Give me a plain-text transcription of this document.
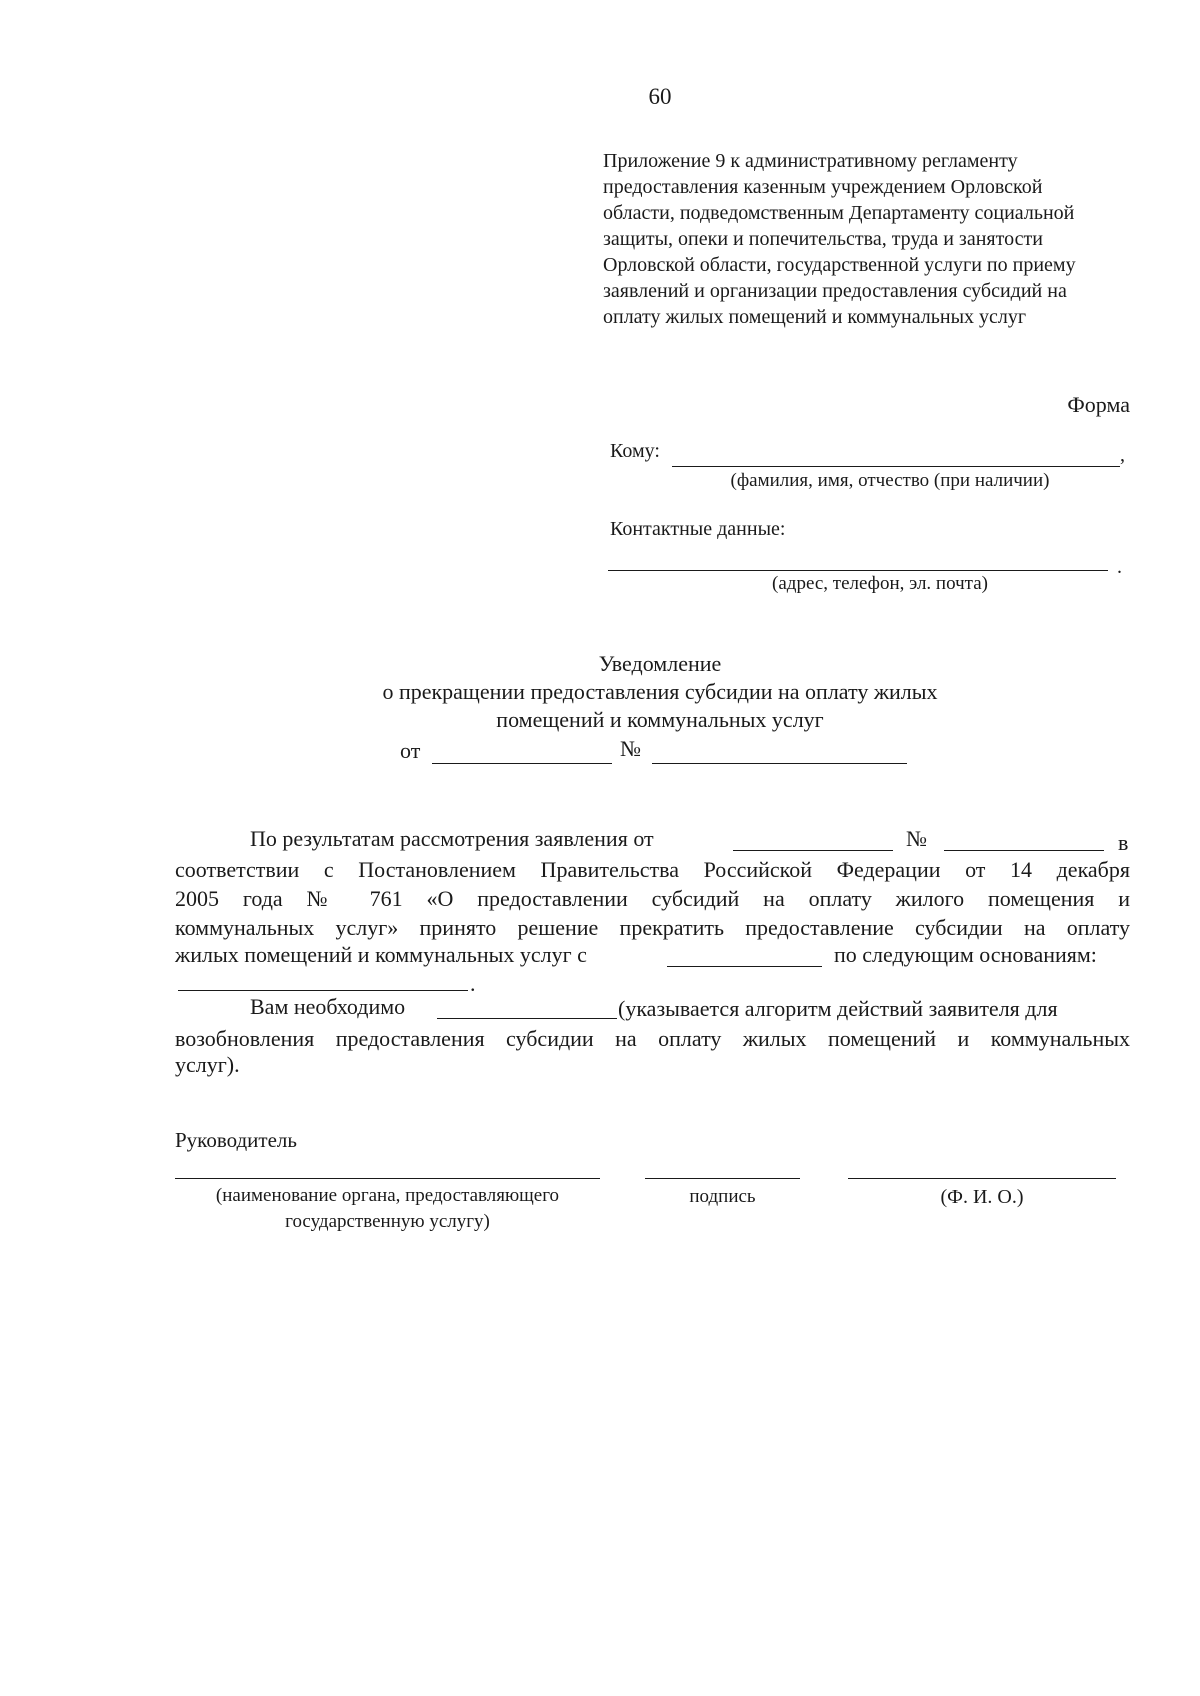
60
Приложение 9 к административному регламенту
предоставления казенным учреждением Орловской
области, подведомственным Департаменту социальной
защиты, опеки и попечительства, труда и занятости
Орловской области, государственной услуги по приему
заявлений и организации предоставления субсидий на
оплату жилых помещений и коммунальных услуг
Форма
Кому:	,
(фамилия, имя, отчество (при наличии)
Контактные данные:
.
(адрес, телефон, эл. почта)
Уведомление
о прекращении предоставления субсидии на оплату жилых
помещений и коммунальных услуг
от	№
По результатам рассмотрения заявления от	№	в
соответствии с Постановлением Правительства Российской Федерации от 14 декабря
2005 года № 761 «О предоставлении субсидий на оплату жилого помещения и
коммунальных услуг» принято решение прекратить предоставление субсидии на оплату
жилых помещений и коммунальных услуг с	по следующим основаниям:
.
Вам необходимо	(указывается алгоритм действий заявителя для
возобновления предоставления субсидии на оплату жилых помещений и коммунальных
услуг).
Руководитель
(наименование органа, предоставляющего
государственную услугу)
подпись	(Ф. И. О.)
